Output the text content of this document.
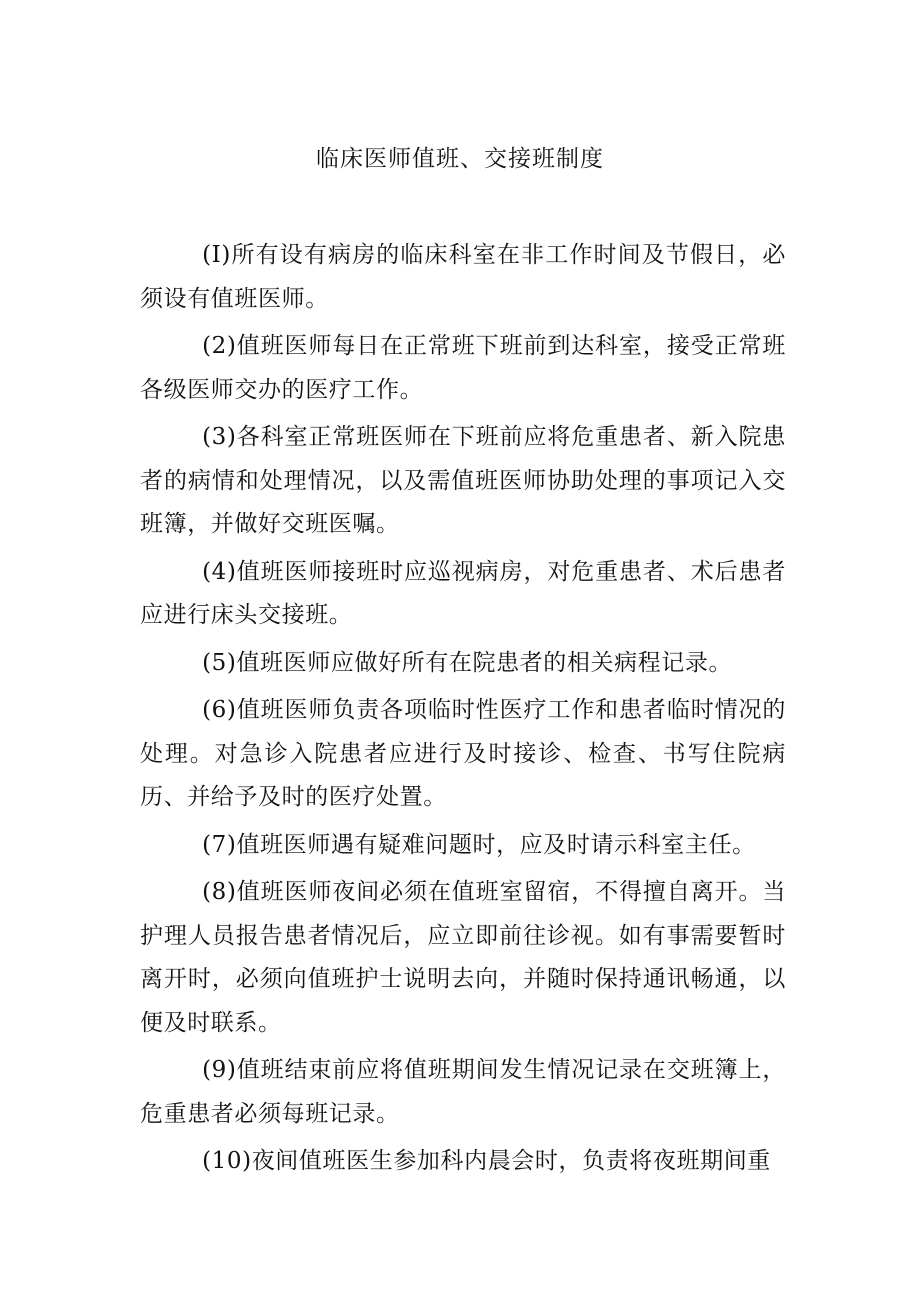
临床医师值班、交接班制度

(I)所有设有病房的临床科室在非工作时间及节假日，必须设有值班医师。

(2)值班医师每日在正常班下班前到达科室，接受正常班各级医师交办的医疗工作。

(3)各科室正常班医师在下班前应将危重患者、新入院患者的病情和处理情况，以及需值班医师协助处理的事项记入交班簿，并做好交班医嘱。

(4)值班医师接班时应巡视病房，对危重患者、术后患者应进行床头交接班。

(5)值班医师应做好所有在院患者的相关病程记录。

(6)值班医师负责各项临时性医疗工作和患者临时情况的处理。对急诊入院患者应进行及时接诊、检查、书写住院病历、并给予及时的医疗处置。

(7)值班医师遇有疑难问题时，应及时请示科室主任。

(8)值班医师夜间必须在值班室留宿，不得擅自离开。当护理人员报告患者情况后，应立即前往诊视。如有事需要暂时离开时，必须向值班护士说明去向，并随时保持通讯畅通，以便及时联系。

(9)值班结束前应将值班期间发生情况记录在交班簿上，危重患者必须每班记录。

(10)夜间值班医生参加科内晨会时，负责将夜班期间重
